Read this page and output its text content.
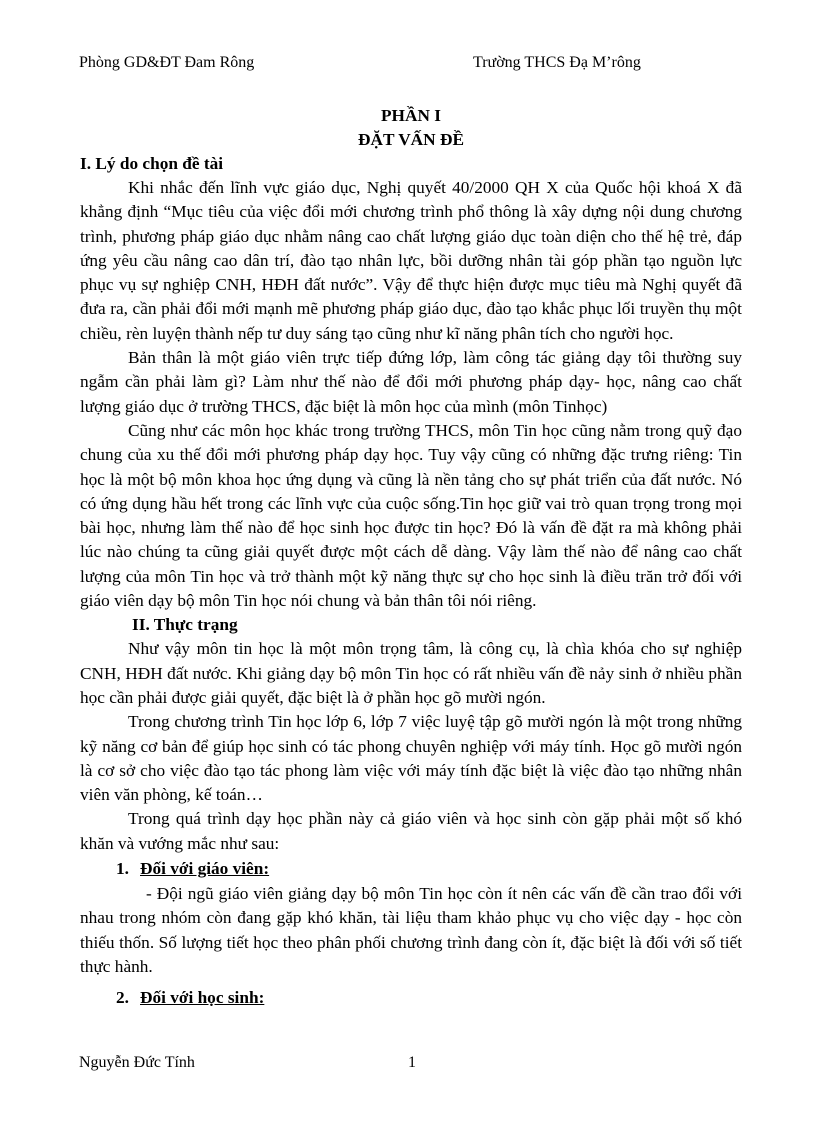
Phòng GD&ĐT Đam Rông	Trường THCS Đạ M’rông

PHẦN I

ĐẶT VẤN ĐỀ

I. Lý do chọn đề tài

Khi nhắc đến lĩnh vực giáo dục, Nghị quyết 40/2000 QH X của Quốc hội khoá X đã khẳng định “Mục tiêu của việc đổi mới chương trình phổ thông là xây dựng nội dung chương trình, phương pháp giáo dục nhằm nâng cao chất lượng giáo dục toàn diện cho thế hệ trẻ, đáp ứng yêu cầu nâng cao dân trí, đào tạo nhân lực, bồi dưỡng nhân tài góp phần tạo nguồn lực phục vụ sự nghiệp CNH, HĐH đất nước”. Vậy để thực hiện được mục tiêu mà Nghị quyết đã đưa ra, cần phải đổi mới mạnh mẽ phương pháp giáo dục, đào tạo khắc phục lối truyền thụ một chiều, rèn luyện thành nếp tư duy sáng tạo cũng như kĩ năng phân tích cho người học.

Bản thân là một giáo viên trực tiếp đứng lớp, làm công tác giảng dạy tôi thường suy ngẫm cần phải làm gì? Làm như thế nào để đổi mới phương pháp dạy- học, nâng cao chất lượng giáo dục ở trường THCS, đặc biệt là môn học của mình (môn Tinhọc)

Cũng như các môn học khác trong trường THCS, môn Tin học cũng nằm trong quỹ đạo chung của xu thế đổi mới phương pháp dạy học. Tuy vậy cũng có những đặc trưng riêng: Tin học là một bộ môn khoa học ứng dụng và cũng là nền tảng cho sự phát triển của đất nước. Nó có ứng dụng hầu hết trong các lĩnh vực của cuộc sống.Tin học giữ vai trò quan trọng trong mọi bài học, nhưng làm thế nào để học sinh học được tin học? Đó là vấn đề đặt ra mà không phải lúc nào chúng ta cũng giải quyết được một cách dễ dàng. Vậy làm thế nào để nâng cao chất lượng của môn Tin học và trở thành một kỹ năng thực sự cho học sinh là điều trăn trở đối với giáo viên dạy bộ môn Tin học nói chung và bản thân tôi nói riêng.

II. Thực trạng

Như vậy môn tin học là một môn trọng tâm, là công cụ, là chìa khóa cho sự nghiệp CNH, HĐH đất nước. Khi giảng dạy bộ môn Tin học có rất nhiều vấn đề nảy sinh ở nhiều phần học cần phải được giải quyết, đặc biệt là ở phần học gõ mười ngón.

Trong chương trình Tin học lớp 6, lớp 7 việc luyệ tập gõ mười ngón là một trong những kỹ năng cơ bản để giúp học sinh có tác phong chuyên nghiệp với máy tính. Học gõ mười ngón là cơ sở cho việc đào tạo tác phong làm việc với máy tính đặc biệt là việc đào tạo những nhân viên văn phòng, kế toán…

Trong quá trình dạy học phần này cả giáo viên và học sinh còn gặp phải một số khó khăn và vướng mắc như sau:

1. Đối với giáo viên:

- Đội ngũ giáo viên giảng dạy bộ môn Tin học còn ít nên các vấn đề cần trao đổi với nhau trong nhóm còn đang gặp khó khăn, tài liệu tham khảo phục vụ cho việc dạy - học còn thiếu thốn. Số lượng tiết học theo phân phối chương trình đang còn ít, đặc biệt là đối với số tiết thực hành.

2. Đối với học sinh:

Nguyễn Đức Tính	1
